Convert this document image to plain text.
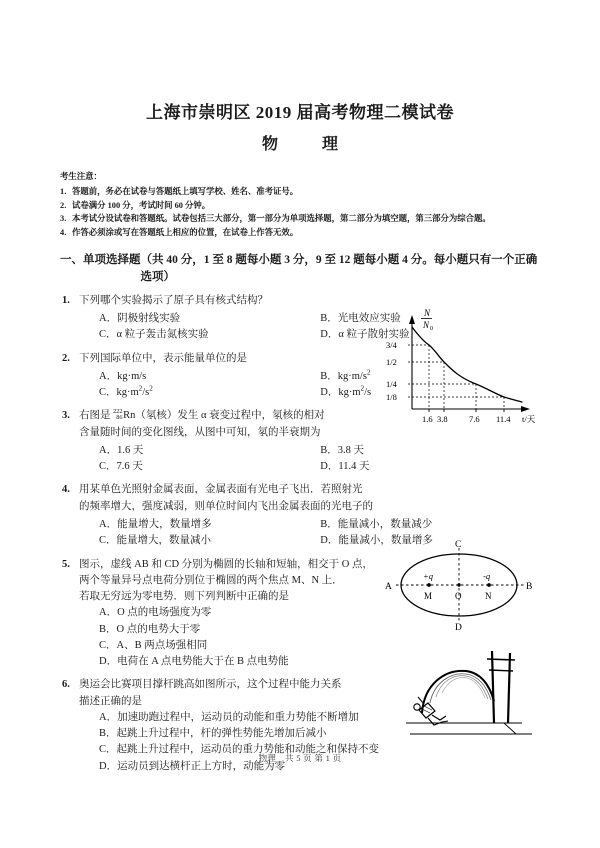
上海市崇明区 2019 届高考物理二模试卷
物　理
考生注意：
1. 答题前，务必在试卷与答题纸上填写学校、姓名、准考证号。
2. 试卷满分 100 分，考试时间 60 分钟。
3. 本考试分设试卷和答题纸。试卷包括三大部分，第一部分为单项选择题，第二部分为填空题，第三部分为综合题。
4. 作答必须涂或写在答题纸上相应的位置，在试卷上作答无效。
一、单项选择题 （共 40 分，1 至 8 题每小题 3 分，9 至 12 题每小题 4 分。每小题只有一个正确选项）
1. 下列哪个实验揭示了原子具有核式结构？
A．阴极射线实验	B．光电效应实验
C．α 粒子轰击氮核实验	D．α 粒子散射实验
2. 下列国际单位中，表示能量单位的是
A．kg·m/s	B．$kg\cdot m/s^2$
C．$kg\cdot m^2/s^2$	D．$kg\cdot m^2/s$
3. 右图是 222
86 Rn（氡核）发生 α 衰变过程中，氡核的相对
含量随时间的变化图线，从图中可知，氡的半衰期为
A．1.6 天	B．3.8 天
C．7.6 天	D．11.4 天
4. 用某单色光照射金属表面，金属表面有光电子飞出．若照射光
的频率增大，强度减弱，则单位时间内飞出金属表面的光电子的
A．能量增大，数量增多	B．能量减小，数量减少
C．能量增大，数量减小	D．能量减小，数量增多
5. 图示，虚线 AB 和 CD 分别为椭圆的长轴和短轴，相交于 O 点，
两个等量异号点电荷分别位于椭圆的两个焦点 M、N 上．
若取无穷远为零电势．则下列判断中正确的是
A．O 点的电场强度为零
B．O 点的电势大于零
C．A、B 两点场强相同
D．电荷在 A 点电势能大于在 B 点电势能
6. 奥运会比赛项目撑杆跳高如图所示，这个过程中能力关系
描述正确的是
A．加速助跑过程中，运动员的动能和重力势能不断增加
B．起跳上升过程中，杆的弹性势能先增加后减小
C．起跳上升过程中，运动员的重力势能和动能之和保持不变
D．运动员到达横杆正上方时，动能为零
N
N 0
3/4
1/2
1/4
1/8
1.6 3.8	7.6 11.4 t/天
A	B
C
D
+q	-q
M	O	N
物理　共 5 页 第 1 页
